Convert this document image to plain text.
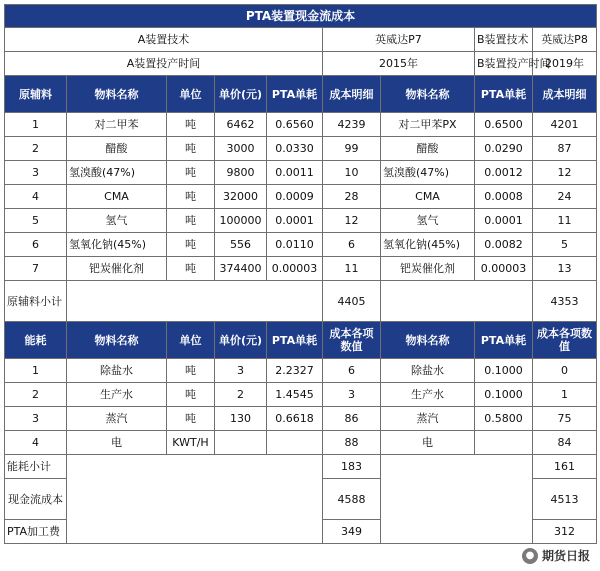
PTA装置现金流成本								
A装置技术					英威达P7		B装置技术	英威达P8
A装置投产时间					2015年		B装置投产时间	2019年
原辅料	物料名称	单位	单价(元)	PTA单耗	成本明细	物料名称	PTA单耗	成本明细
1	对二甲苯	吨	6462	0.6560	4239	对二甲苯PX	0.6500	4201
2	醋酸	吨	3000	0.0330	99	醋酸	0.0290	87
3	氢溴酸(47%)	吨	9800	0.0011	10	氢溴酸(47%)	0.0012	12
4	CMA	吨	32000	0.0009	28	CMA	0.0008	24
5	氢气	吨	100000	0.0001	12	氢气	0.0001	11
6	氢氧化钠(45%)	吨	556	0.0110	6	氢氧化钠(45%)	0.0082	5
7	钯炭催化剂	吨	374400	0.00003	11	钯炭催化剂	0.00003	13
原辅料小计					4405			4353
能耗	物料名称	单位	单价(元)	PTA单耗	成本各项数值	物料名称	PTA单耗	成本各项数值
1	除盐水	吨	3	2.2327	6	除盐水	0.1000	0
2	生产水	吨	2	1.4545	3	生产水	0.1000	1
3	蒸汽	吨	130	0.6618	86	蒸汽	0.5800	75
4	电	KWT/H			88	电		84
能耗小计					183			161
现金流成本					4588			4513
PTA加工费					349			312
● 期货日报
